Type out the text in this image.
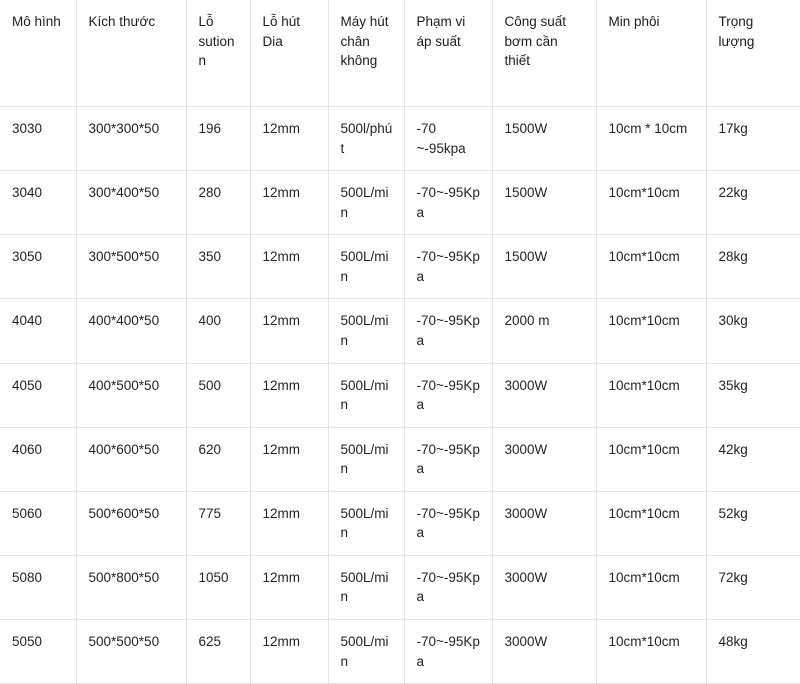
Mô hình	Kích thước	Lỗ sution n	Lỗ hút Dia	Máy hút chân không	Phạm vi áp suất	Công suất bơm cần thiết	Min phôi	Trọng lượng
3030	300*300*50	196	12mm	500l/phút	-70 ~-95kpa	1500W	10cm * 10cm	17kg
3040	300*400*50	280	12mm	500L/min	-70~-95Kpa	1500W	10cm*10cm	22kg
3050	300*500*50	350	12mm	500L/min	-70~-95Kpa	1500W	10cm*10cm	28kg
4040	400*400*50	400	12mm	500L/min	-70~-95Kpa	2000 m	10cm*10cm	30kg
4050	400*500*50	500	12mm	500L/min	-70~-95Kpa	3000W	10cm*10cm	35kg
4060	400*600*50	620	12mm	500L/min	-70~-95Kpa	3000W	10cm*10cm	42kg
5060	500*600*50	775	12mm	500L/min	-70~-95Kpa	3000W	10cm*10cm	52kg
5080	500*800*50	1050	12mm	500L/min	-70~-95Kpa	3000W	10cm*10cm	72kg
5050	500*500*50	625	12mm	500L/min	-70~-95Kpa	3000W	10cm*10cm	48kg
